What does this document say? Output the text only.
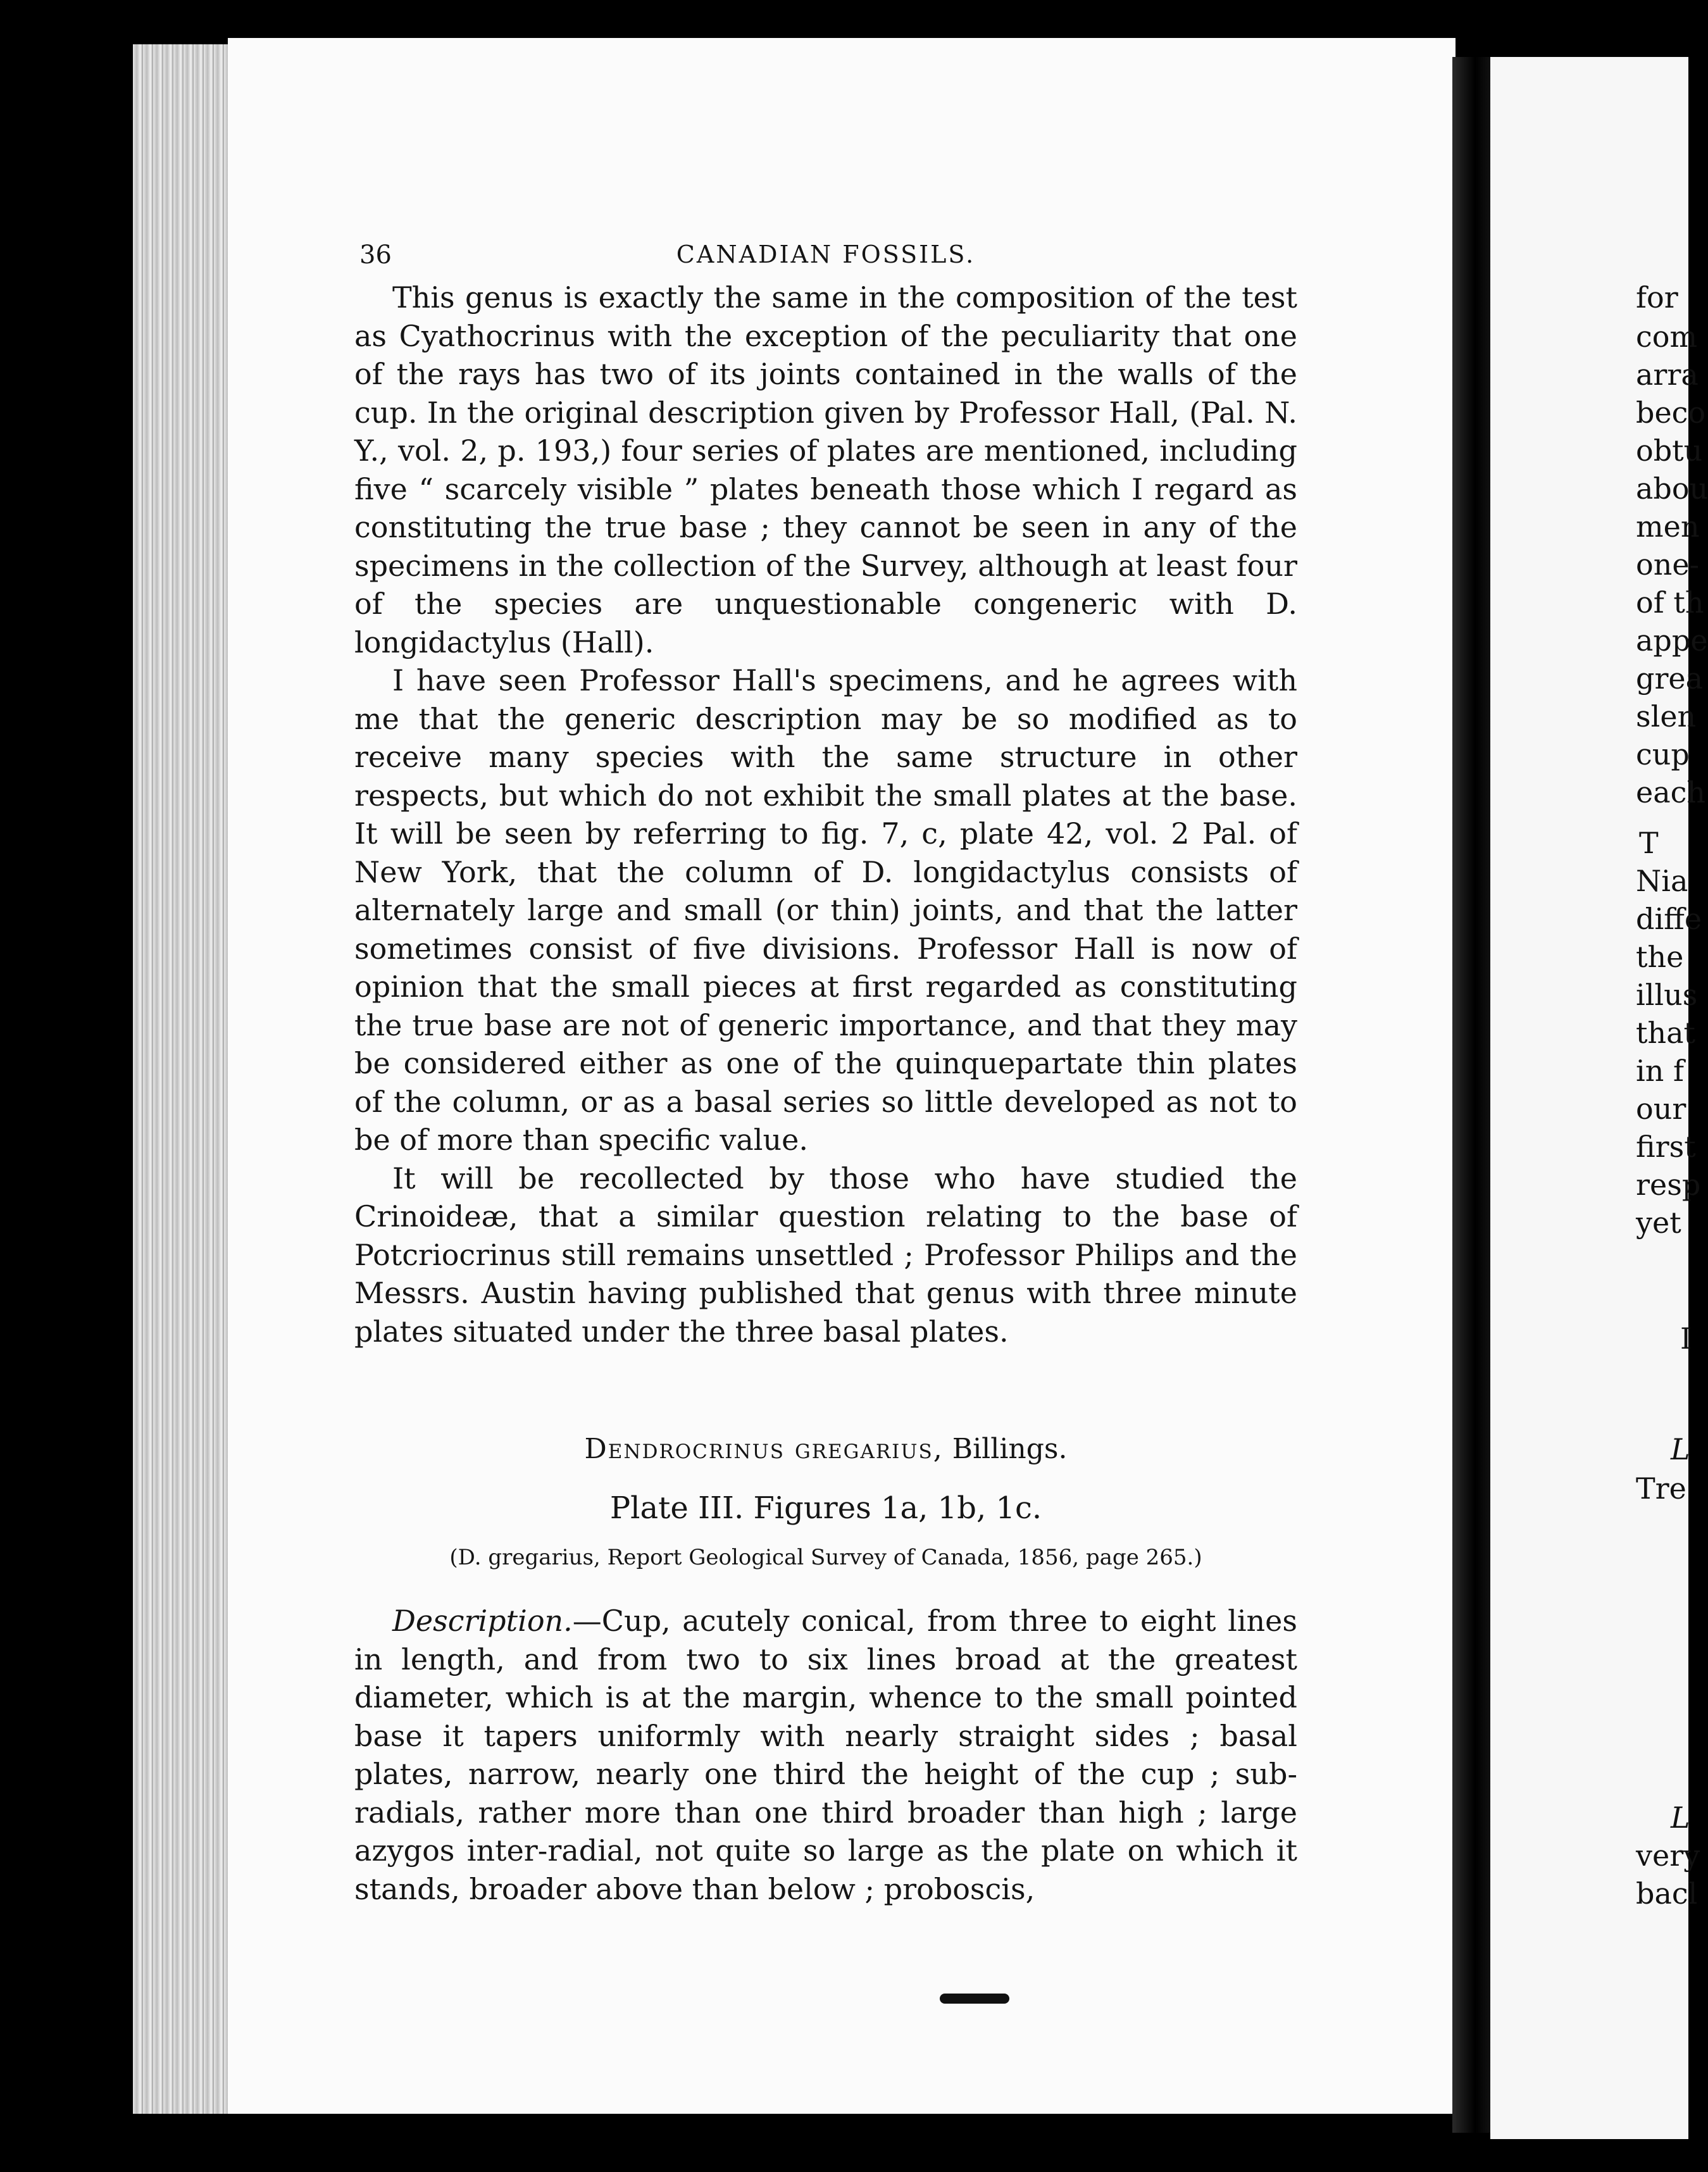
for
com
arra
beco
obtu
abou
men
one-
of th
appe
grea
slen
cup
each
T
Nia
diffe
the
illus
that
in f
our
first
resp
yet
I
L
Tre
L
very
bacl
36	CANADIAN FOSSILS.

This genus is exactly the same in the composition of the test as Cyathocrinus with the exception of the peculiarity that one of the rays has two of its joints contained in the walls of the cup. In the original description given by Professor Hall, (Pal. N. Y., vol. 2, p. 193,) four series of plates are mentioned, including five “ scarcely visible ” plates beneath those which I regard as constituting the true base ; they cannot be seen in any of the specimens in the collection of the Survey, although at least four of the species are unquestionable congeneric with D. longidactylus (Hall).

I have seen Professor Hall's specimens, and he agrees with me that the generic description may be so modified as to receive many species with the same structure in other respects, but which do not exhibit the small plates at the base. It will be seen by referring to fig. 7, c, plate 42, vol. 2 Pal. of New York, that the column of D. longidactylus consists of alternately large and small (or thin) joints, and that the latter sometimes consist of five divisions. Professor Hall is now of opinion that the small pieces at first regarded as constituting the true base are not of generic importance, and that they may be considered either as one of the quinquepartate thin plates of the column, or as a basal series so little developed as not to be of more than specific value.

It will be recollected by those who have studied the Crinoideæ, that a similar question relating to the base of Potcriocrinus still remains unsettled ; Professor Philips and the Messrs. Austin having published that genus with three minute plates situated under the three basal plates.

Dendrocrinus gregarius, Billings.
Plate III. Figures 1a, 1b, 1c.
(D. gregarius, Report Geological Survey of Canada, 1856, page 265.)

Description.—Cup, acutely conical, from three to eight lines in length, and from two to six lines broad at the greatest diameter, which is at the margin, whence to the small pointed base it tapers uniformly with nearly straight sides ; basal plates, narrow, nearly one third the height of the cup ; sub-radials, rather more than one third broader than high ; large azygos inter-radial, not quite so large as the plate on which it stands, broader above than below ; proboscis,
